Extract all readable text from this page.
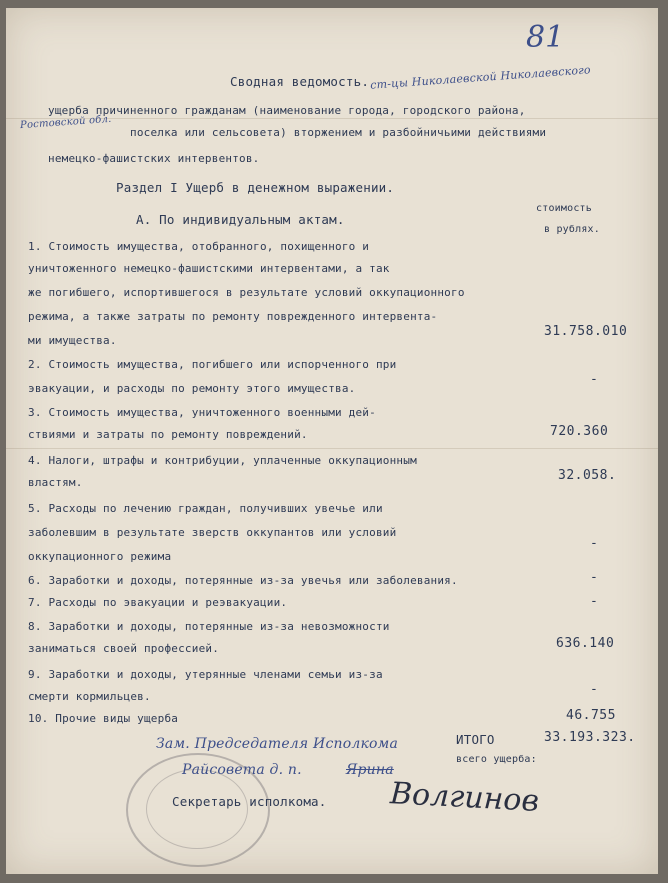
81
Сводная ведомость. ст-цы Николаевской Николаевского
ущерба причиненного гражданам (наименование города, городского района,
Ростовской обл.
поселка или сельсовета) вторжением и разбойничьими действиями
немецко-фашистских интервентов.
Раздел I Ущерб в денежном выражении.
А. По индивидуальным актам.
стоимость
в рублях.
1. Стоимость имущества, отобранного, похищенного и
уничтоженного немецко-фашистскими интервентами, а так
же погибшего, испортившегося в результате условий оккупационного
режима, а также затраты по ремонту поврежденного интервента-
ми имущества.
31.758.010
2. Стоимость имущества, погибшего или испорченного при
эвакуации, и расходы по ремонту этого имущества.
-
3. Стоимость имущества, уничтоженного военными дей-
ствиями и затраты по ремонту повреждений.	720.360
4. Налоги, штрафы и контрибуции, уплаченные оккупационным
властям.	32.058.
5. Расходы по лечению граждан, получивших увечье или
заболевшим в результате зверств оккупантов или условий
оккупационного режима
-
6. Заработки и доходы, потерянные из-за увечья или заболевания.	-
7. Расходы по эвакуации и реэвакуации.	-
8. Заработки и доходы, потерянные из-за невозможности
заниматься своей профессией.	636.140
9. Заработки и доходы, утерянные членами семьи из-за
смерти кормильцев.	-
10. Прочие виды ущерба	46.755
ИТОГО	33.193.323.
всего ущерба:
Зам. Председателя Исполкома
Райсовета д. п.	Ярина
Секретарь исполкома. Волгинов
